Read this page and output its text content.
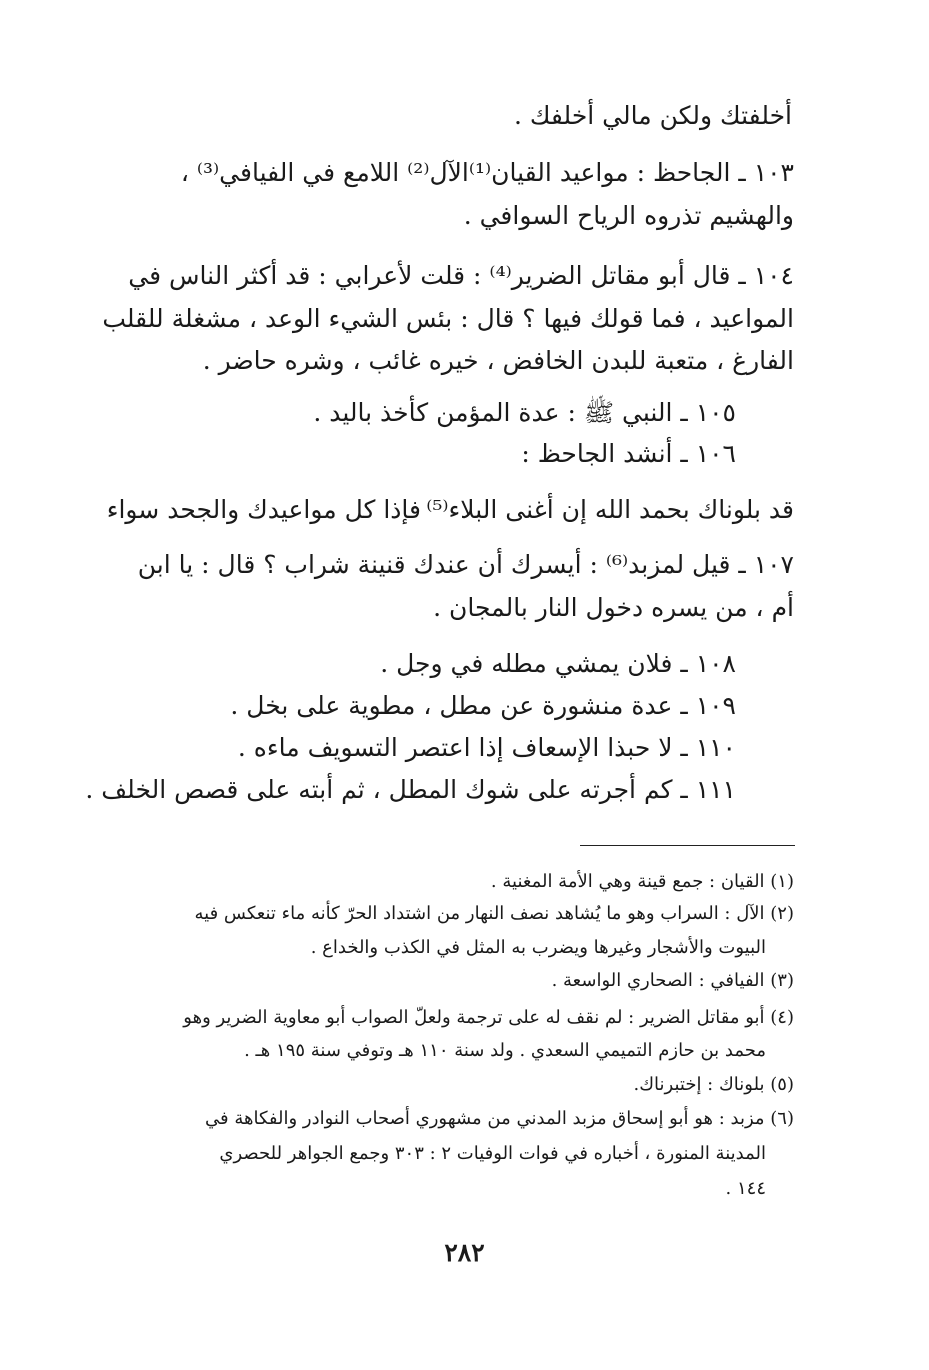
أخلفتك ولكن مالي أخلفك .
١٠٣ ـ الجاحظ : مواعيد القيان⁽¹⁾الآل⁽²⁾ اللامع في الفيافي⁽³⁾ ،
والهشيم تذروه الرياح السوافي .
١٠٤ ـ قال أبو مقاتل الضرير⁽⁴⁾ : قلت لأعرابي : قد أكثر الناس في
المواعيد ، فما قولك فيها ؟ قال : بئس الشيء الوعد ، مشغلة للقلب
الفارغ ، متعبة للبدن الخافض ، خيره غائب ، وشره حاضر .
١٠٥ ـ النبي ﷺ : عدة المؤمن كأخذ باليد .
١٠٦ ـ أنشد الجاحظ :
قد بلوناك بحمد الله إن أغنى البلاء⁽⁵⁾
فإذا كل مواعيدك والجحد سواء
١٠٧ ـ قيل لمزبد⁽⁶⁾ : أيسرك أن عندك قنينة شراب ؟ قال : يا ابن
أم ، من يسره دخول النار بالمجان .
١٠٨ ـ فلان يمشي مطله في وجل .
١٠٩ ـ عدة منشورة عن مطل ، مطوية على بخل .
١١٠ ـ لا حبذا الإسعاف إذا اعتصر التسويف ماءه .
١١١ ـ كم أجرته على شوك المطل ، ثم أبته على قصص الخلف .
(١) القيان : جمع قينة وهي الأمة المغنية .
(٢) الآل : السراب وهو ما يُشاهد نصف النهار من اشتداد الحرّ كأنه ماء تنعكس فيه
البيوت والأشجار وغيرها ويضرب به المثل في الكذب والخداع .
(٣) الفيافي : الصحاري الواسعة .
(٤) أبو مقاتل الضرير : لم نقف له على ترجمة ولعلّ الصواب أبو معاوية الضرير وهو
محمد بن حازم التميمي السعدي . ولد سنة ١١٠ هـ وتوفي سنة ١٩٥ هـ .
(٥) بلوناك : إختبرناك.
(٦) مزبد : هو أبو إسحاق مزبد المدني من مشهوري أصحاب النوادر والفكاهة في
المدينة المنورة ، أخباره في فوات الوفيات ٢ : ٣٠٣ وجمع الجواهر للحصري
١٤٤ .
٢٨٢
